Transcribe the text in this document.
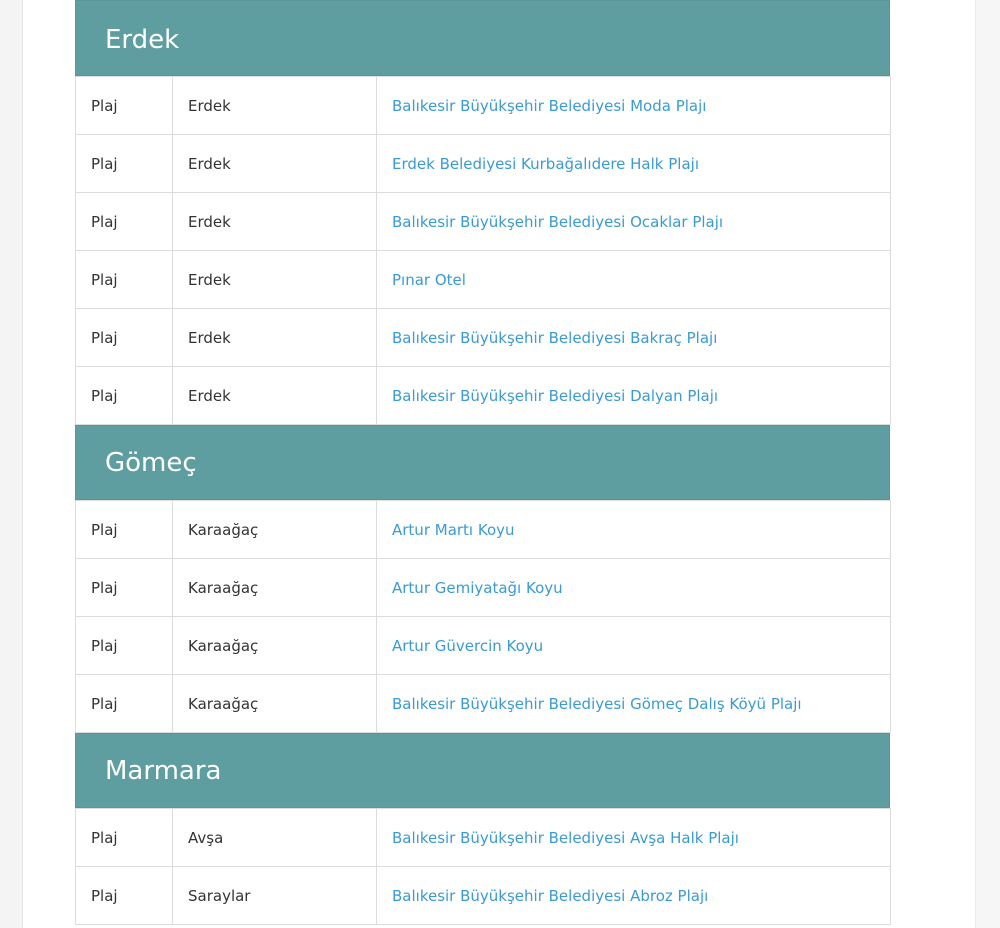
Erdek
Plaj	Erdek	Balıkesir Büyükşehir Belediyesi Moda Plajı
Plaj	Erdek	Erdek Belediyesi Kurbağalıdere Halk Plajı
Plaj	Erdek	Balıkesir Büyükşehir Belediyesi Ocaklar Plajı
Plaj	Erdek	Pınar Otel
Plaj	Erdek	Balıkesir Büyükşehir Belediyesi Bakraç Plajı
Plaj	Erdek	Balıkesir Büyükşehir Belediyesi Dalyan Plajı
Gömeç
Plaj	Karaağaç	Artur Martı Koyu
Plaj	Karaağaç	Artur Gemiyatağı Koyu
Plaj	Karaağaç	Artur Güvercin Koyu
Plaj	Karaağaç	Balıkesir Büyükşehir Belediyesi Gömeç Dalış Köyü Plajı
Marmara
Plaj	Avşa	Balıkesir Büyükşehir Belediyesi Avşa Halk Plajı
Plaj	Saraylar	Balıkesir Büyükşehir Belediyesi Abroz Plajı
